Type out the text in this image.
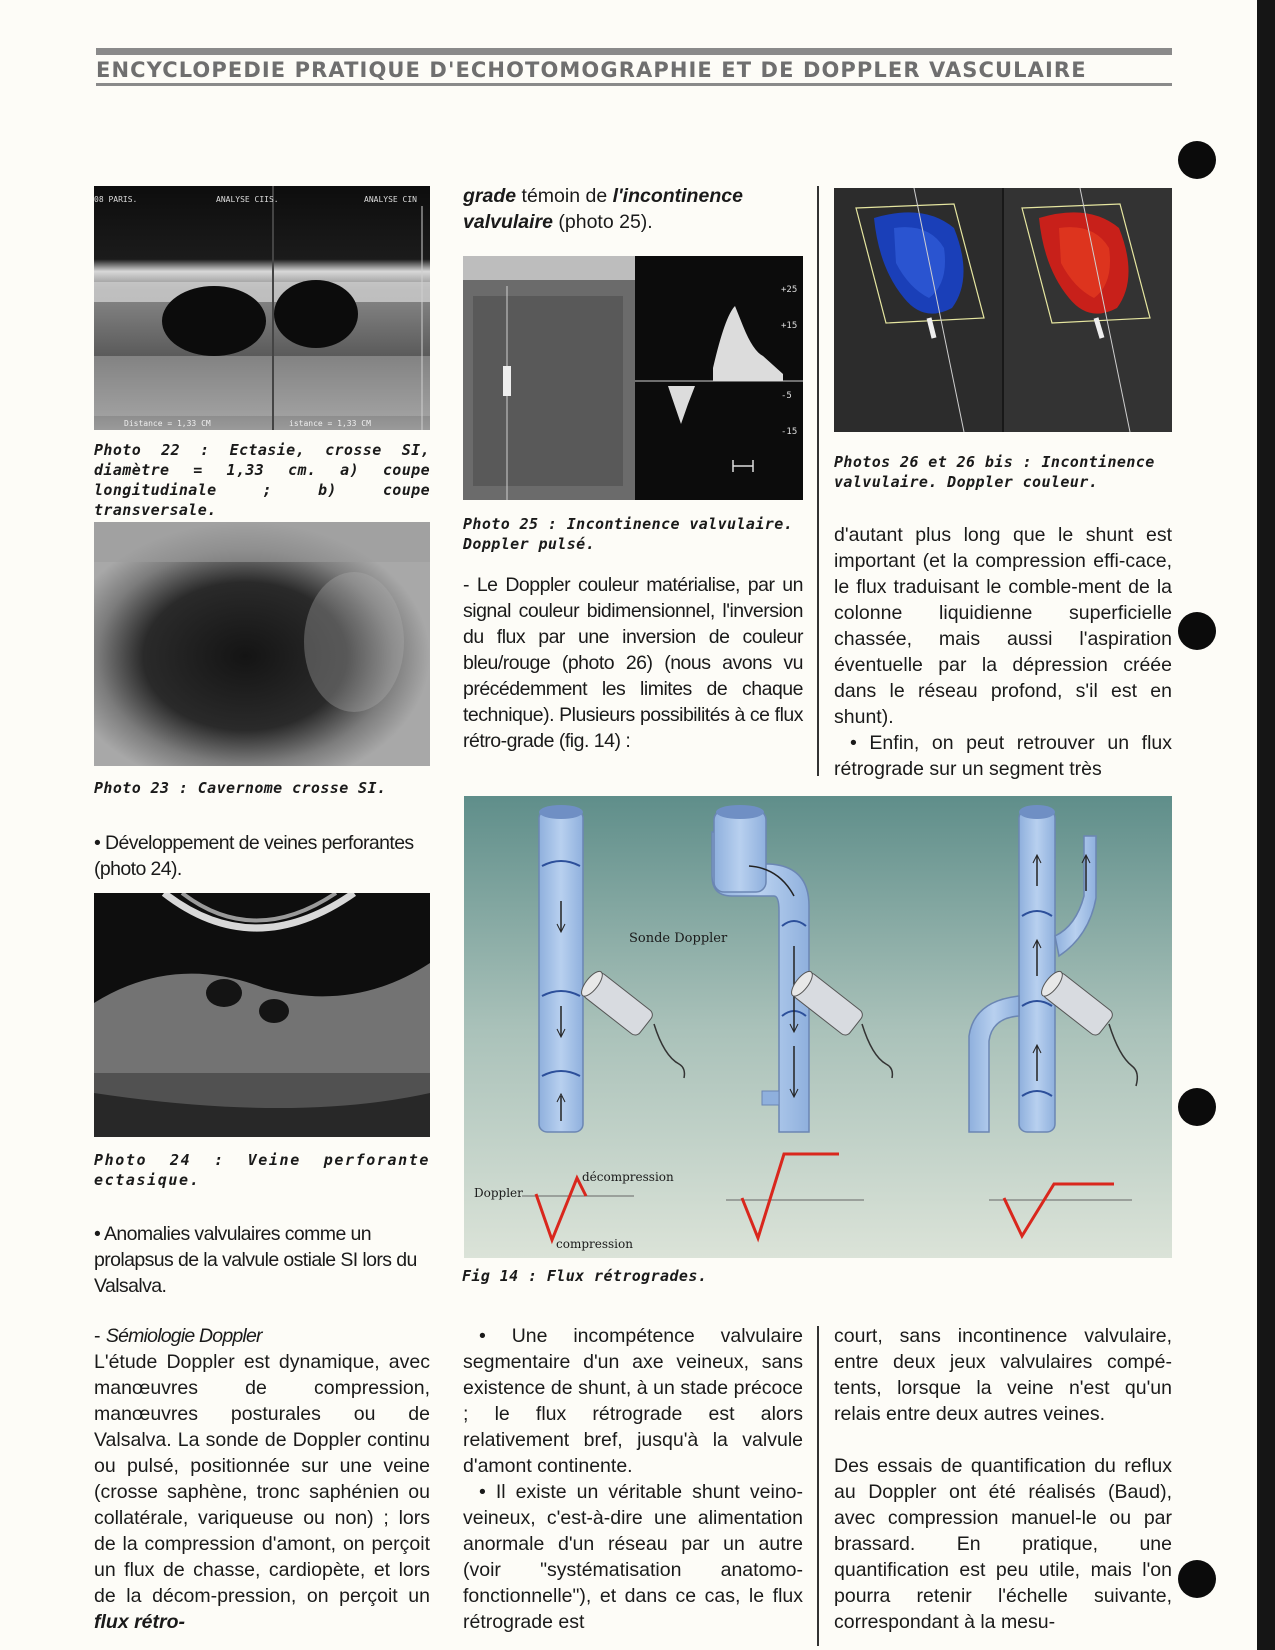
ENCYCLOPEDIE PRATIQUE D'ECHOTOMOGRAPHIE ET DE DOPPLER VASCULAIRE
08 PARIS.	ANALYSE CIIS.	ANALYSE CIN
Distance = 1,33 CM	istance = 1,33 CM
Photo 22 : Ectasie, crosse SI, diamètre = 1,33 cm. a) coupe longitudinale ; b) coupe transversale.
Photo 23 : Cavernome crosse SI.
• Développement de veines perforantes (photo 24).
Photo 24 : Veine perforante ectasique.
• Anomalies valvulaires comme un prolapsus de la valvule ostiale SI lors du Valsalva.

- Sémiologie Doppler

L'étude Doppler est dynamique, avec manœuvres de compression, manœuvres posturales ou de Valsalva. La sonde de Doppler continu ou pulsé, positionnée sur une veine (crosse saphène, tronc saphénien ou collatérale, variqueuse ou non) ; lors de la compression d'amont, on perçoit un flux de chasse, cardiopète, et lors de la décom-pression, on perçoit un flux rétro-

grade témoin de l'incontinence valvulaire (photo 25).
+25
+15
-5
-15
Photo 25 : Incontinence valvulaire. Doppler pulsé.
- Le Doppler couleur matérialise, par un signal couleur bidimensionnel, l'inversion du flux par une inversion de couleur bleu/rouge (photo 26) (nous avons vu précédemment les limites de chaque technique). Plusieurs possibilités à ce flux rétro-grade (fig. 14) :
Photos 26 et 26 bis : Incontinence valvulaire. Doppler couleur.

d'autant plus long que le shunt est important (et la compression effi-cace, le flux traduisant le comble-ment de la colonne liquidienne superficielle chassée, mais aussi l'aspiration éventuelle par la dépression créée dans le réseau profond, s'il est en shunt).

• Enfin, on peut retrouver un flux rétrograde sur un segment très

Sonde Doppler
Doppler
décompression
compression
Fig 14 : Flux rétrogrades.

• Une incompétence valvulaire segmentaire d'un axe veineux, sans existence de shunt, à un stade précoce ; le flux rétrograde est alors relativement bref, jusqu'à la valvule d'amont continente.

• Il existe un véritable shunt veino-veineux, c'est-à-dire une alimentation anormale d'un réseau par un autre (voir "systématisation anatomo-fonctionnelle"), et dans ce cas, le flux rétrograde est

court, sans incontinence valvulaire, entre deux jeux valvulaires compé-tents, lorsque la veine n'est qu'un relais entre deux autres veines.

Des essais de quantification du reflux au Doppler ont été réalisés (Baud), avec compression manuel-le ou par brassard. En pratique, une quantification est peu utile, mais l'on pourra retenir l'échelle suivante, correspondant à la mesu-
